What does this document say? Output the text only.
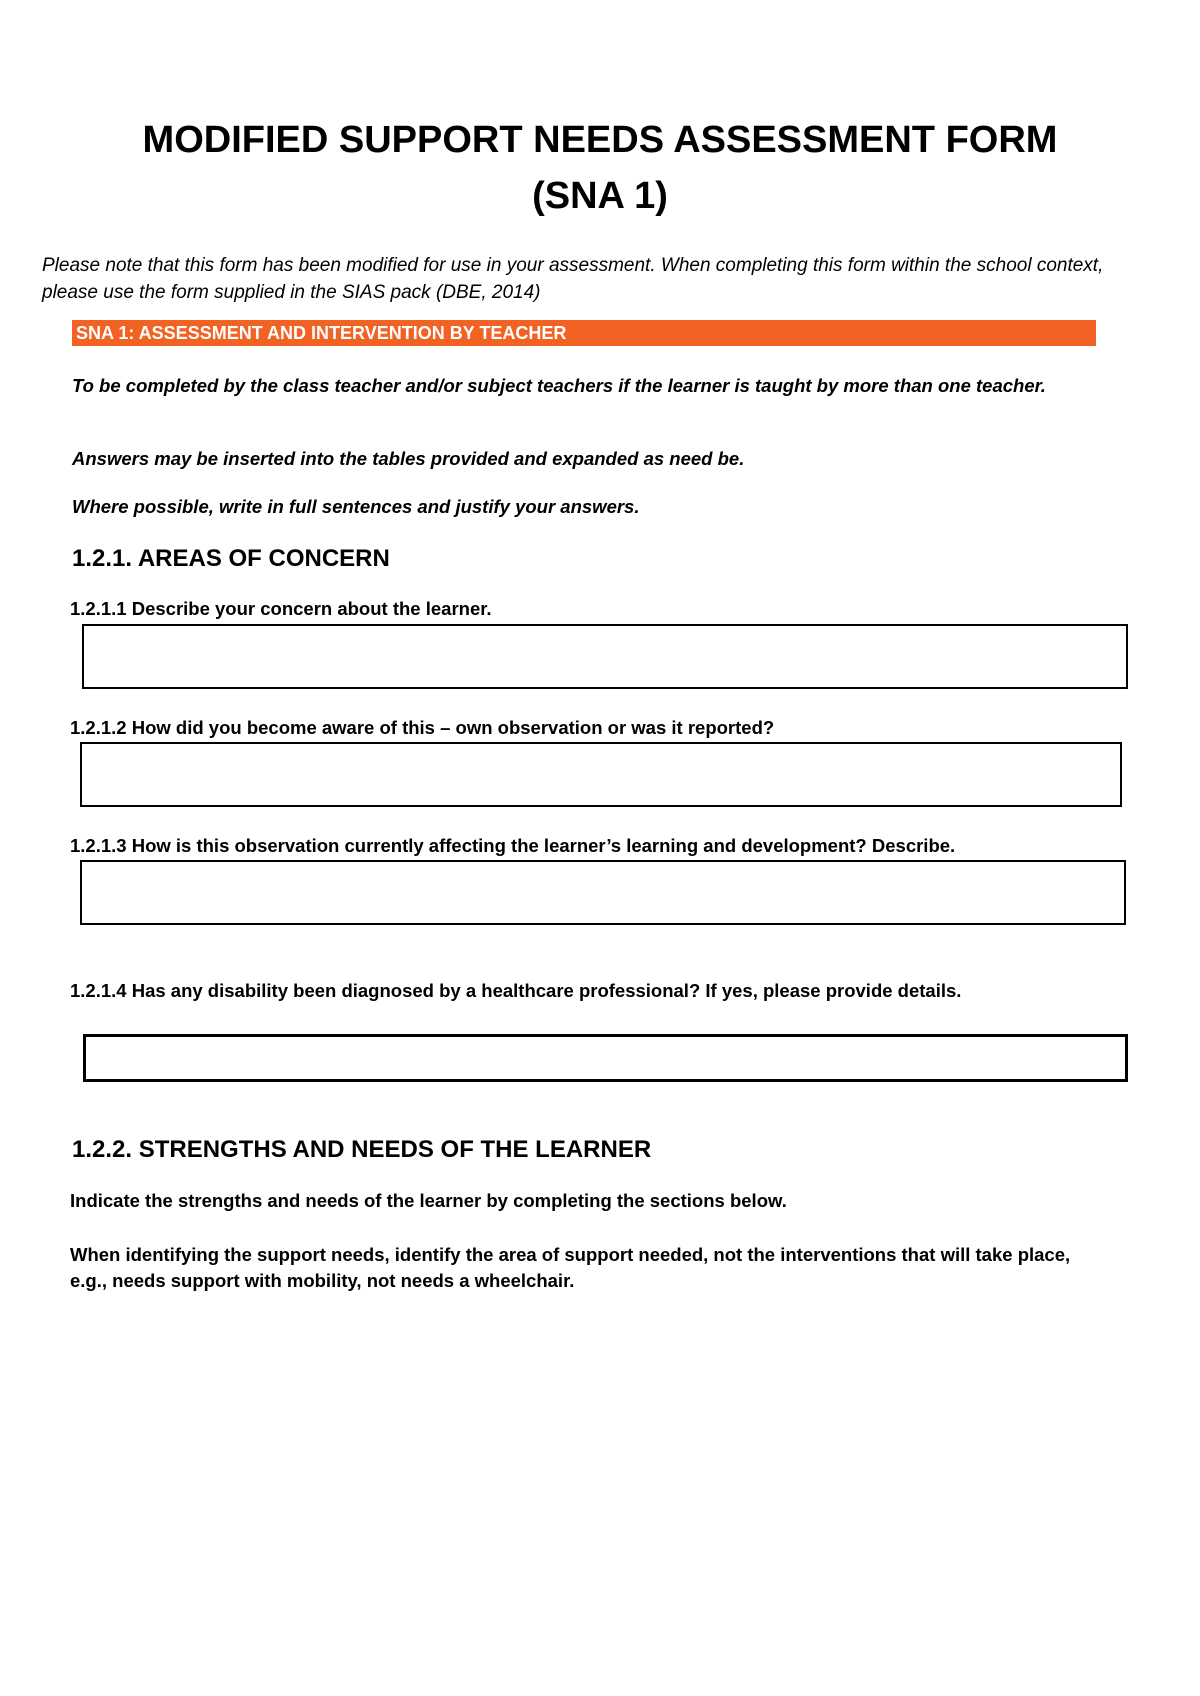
MODIFIED SUPPORT NEEDS ASSESSMENT FORM
(SNA 1)

Please note that this form has been modified for use in your assessment. When completing this form within the school context, please use the form supplied in the SIAS pack (DBE, 2014)

SNA 1: ASSESSMENT AND INTERVENTION BY TEACHER

To be completed by the class teacher and/or subject teachers if the learner is taught by more than one teacher.

Answers may be inserted into the tables provided and expanded as need be.

Where possible, write in full sentences and justify your answers.

1.2.1. AREAS OF CONCERN

1.2.1.1 Describe your concern about the learner.

1.2.1.2 How did you become aware of this – own observation or was it reported?

1.2.1.3 How is this observation currently affecting the learner’s learning and development? Describe.

1.2.1.4 Has any disability been diagnosed by a healthcare professional? If yes, please provide details.

1.2.2. STRENGTHS AND NEEDS OF THE LEARNER

Indicate the strengths and needs of the learner by completing the sections below.

When identifying the support needs, identify the area of support needed, not the interventions that will take place, e.g., needs support with mobility, not needs a wheelchair.
